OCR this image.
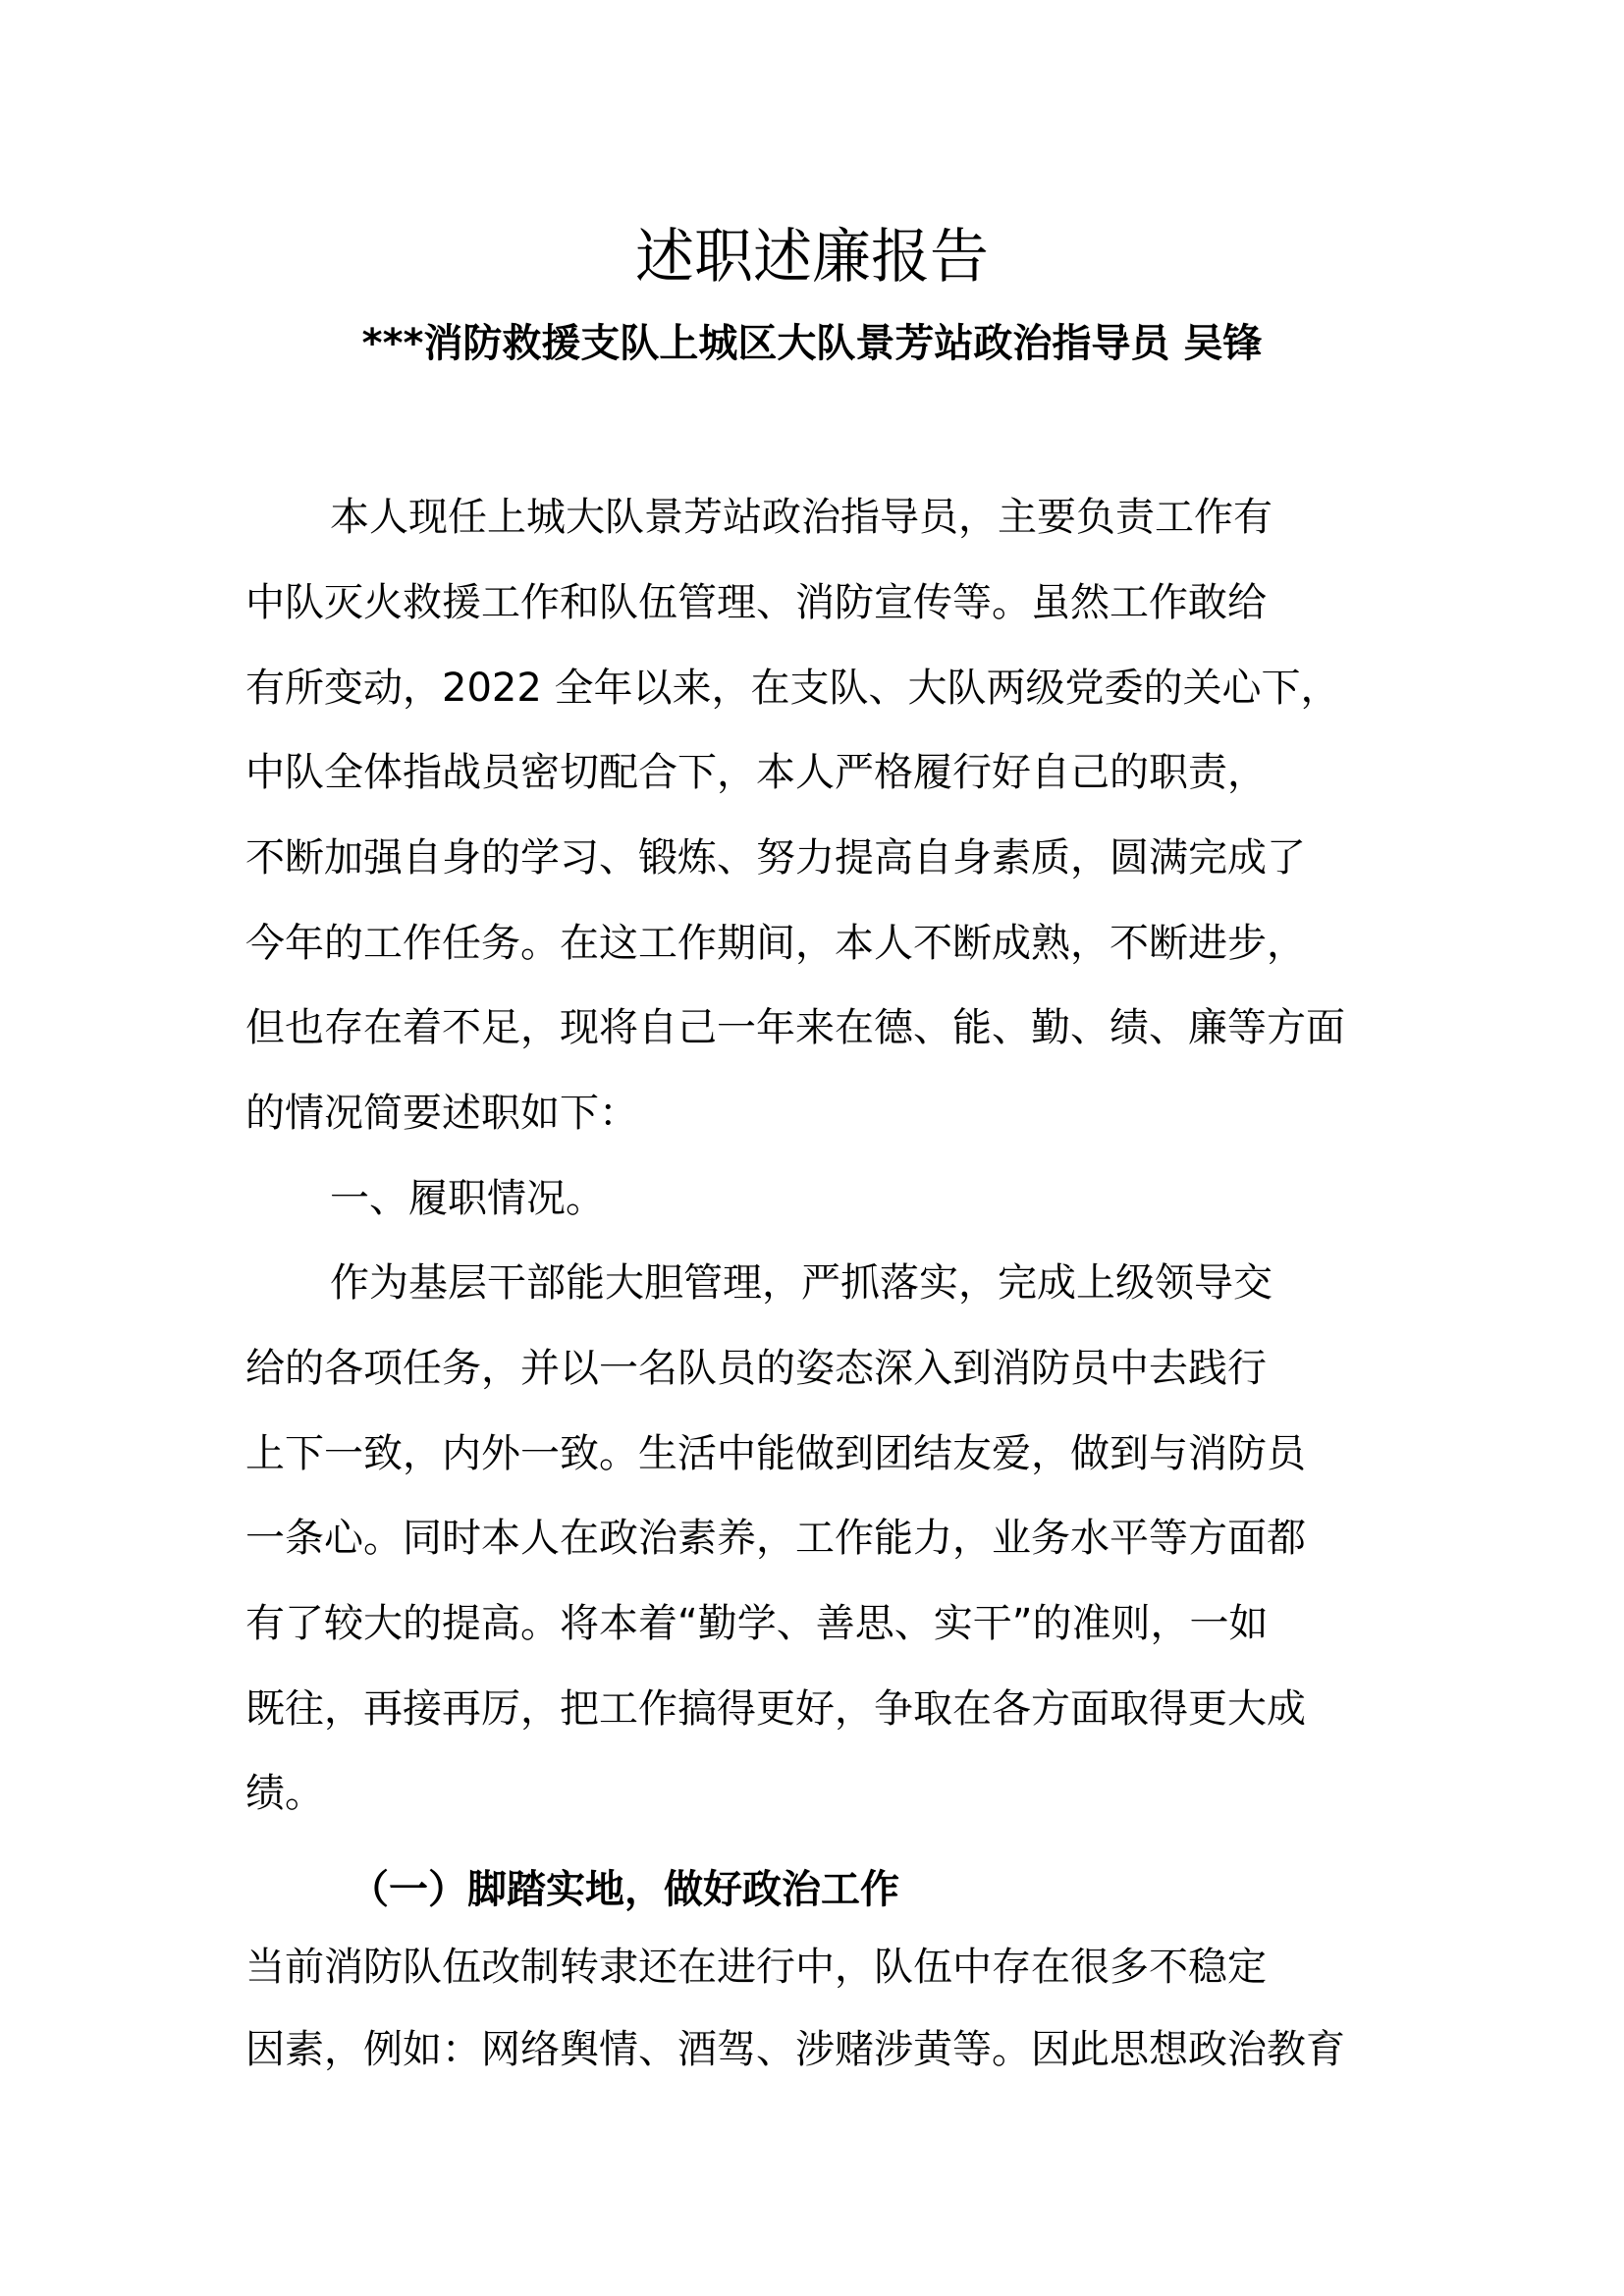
述职述廉报告
***消防救援支队上城区大队景芳站政治指导员 吴锋
本人现任上城大队景芳站政治指导员，主要负责工作有
中队灭火救援工作和队伍管理、消防宣传等。虽然工作敢给
有所变动，2022 全年以来，在支队、大队两级党委的关心下，
中队全体指战员密切配合下，本人严格履行好自己的职责，
不断加强自身的学习、锻炼、努力提高自身素质，圆满完成了
今年的工作任务。在这工作期间，本人不断成熟，不断进步，
但也存在着不足，现将自己一年来在德、能、勤、绩、廉等方面
的情况简要述职如下：
一、履职情况。
作为基层干部能大胆管理，严抓落实，完成上级领导交
给的各项任务，并以一名队员的姿态深入到消防员中去践行
上下一致，内外一致。生活中能做到团结友爱，做到与消防员
一条心。同时本人在政治素养，工作能力，业务水平等方面都
有了较大的提高。将本着“勤学、善思、实干”的准则，一如
既往，再接再厉，把工作搞得更好，争取在各方面取得更大成
绩。
（一）脚踏实地，做好政治工作
当前消防队伍改制转隶还在进行中，队伍中存在很多不稳定
因素，例如：网络舆情、酒驾、涉赌涉黄等。因此思想政治教育
